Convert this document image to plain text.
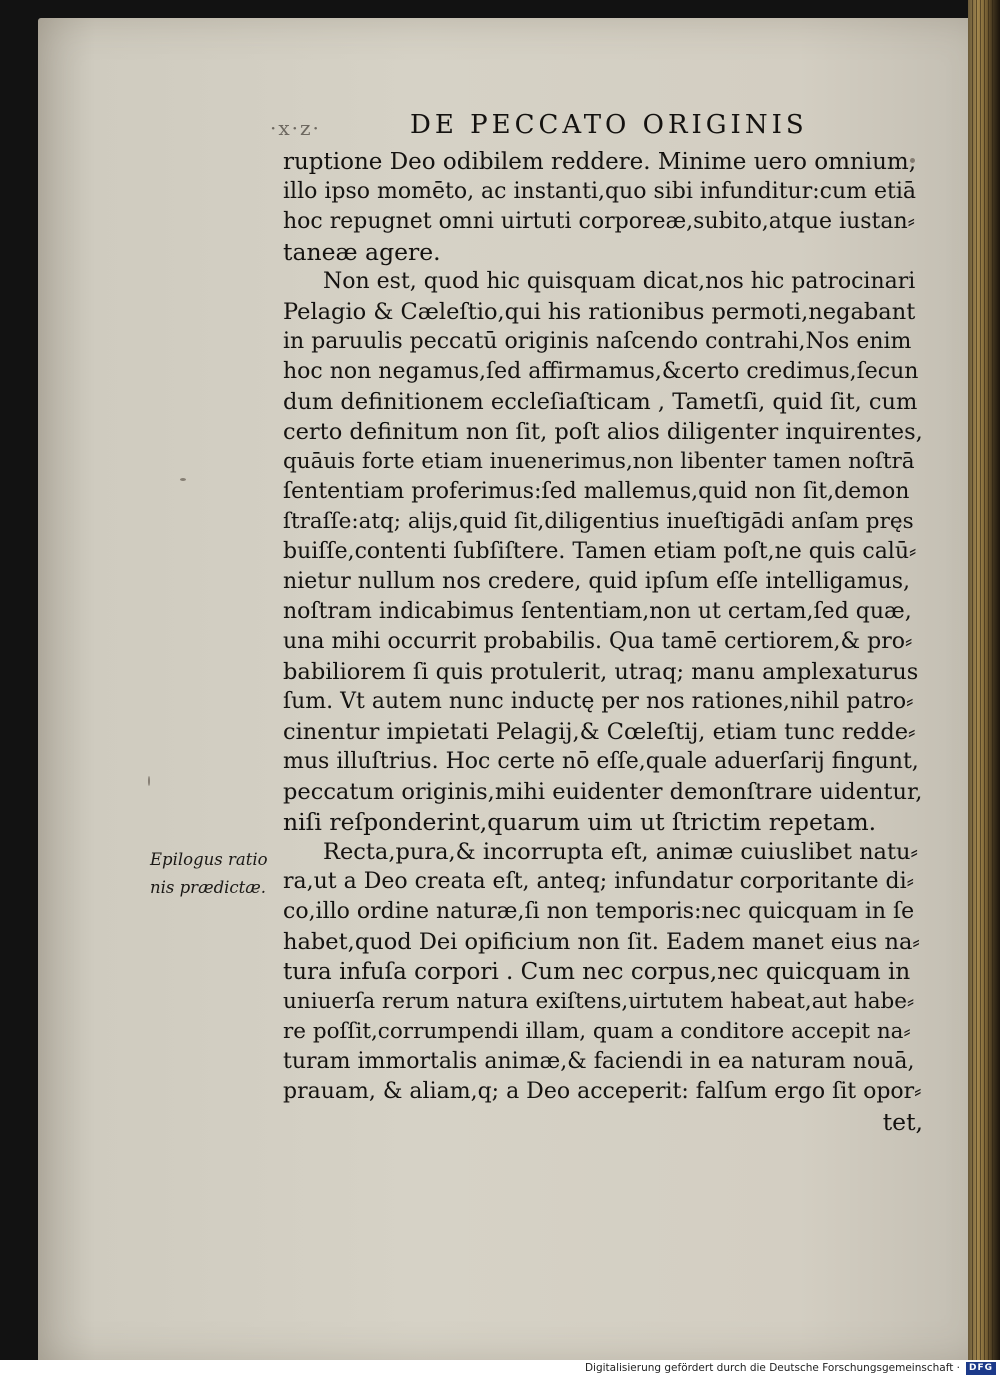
·x·z·	DE PECCATO ORIGINIS
ruptione Deo odibilem reddere. Minime uero omnium,
illo ipso momēto, ac instanti,quo sibi infunditur:cum etiā
hoc repugnet omni uirtuti corporeæ,subito,atque iustan⸗
taneæ agere.
Non est, quod hic quisquam dicat,nos hic patrocinari
Pelagio & Cæleſtio,qui his rationibus permoti,negabant
in paruulis peccatū originis naſcendo contrahi,Nos enim
hoc non negamus,ſed affirmamus,&certo credimus,ſecun
dum definitionem eccleſiaſticam , Tametſi, quid ſit, cum
certo definitum non ſit, poſt alios diligenter inquirentes,
quāuis forte etiam inuenerimus,non libenter tamen noſtrā
ſententiam proferimus:ſed mallemus,quid non ſit,demon
ſtraſſe:atq; alijs,quid ſit,diligentius inueſtigādi anſam pręs
buiſſe,contenti ſubſiſtere. Tamen etiam poſt,ne quis calū⸗
nietur nullum nos credere, quid ipſum eſſe intelligamus,
noſtram indicabimus ſententiam,non ut certam,ſed quæ,
una mihi occurrit probabilis. Qua tamē certiorem,& pro⸗
babiliorem ſi quis protulerit, utraq; manu amplexaturus
ſum. Vt autem nunc inductę per nos rationes,nihil patro⸗
cinentur impietati Pelagij,& Cœleſtij, etiam tunc redde⸗
mus illuſtrius. Hoc certe nō eſſe,quale aduerſarij fingunt,
peccatum originis,mihi euidenter demonſtrare uidentur,
niſi reſponderint,quarum uim ut ſtrictim repetam.
Recta,pura,& incorrupta eſt, animæ cuiuslibet natu⸗
ra,ut a Deo creata eſt, anteq; infundatur corporitante di⸗
co,illo ordine naturæ,ſi non temporis:nec quicquam in ſe
habet,quod Dei opificium non ſit. Eadem manet eius na⸗
tura infuſa corpori . Cum nec corpus,nec quicquam in
uniuerſa rerum natura exiſtens,uirtutem habeat,aut habe⸗
re poſſit,corrumpendi illam, quam a conditore accepit na⸗
turam immortalis animæ,& faciendi in ea naturam nouā,
prauam, & aliam,q; a Deo acceperit: falſum ergo ſit opor⸗
tet,
Epilogus ratio
nis prædictæ.
Digitalisierung gefördert durch die Deutsche Forschungsgemeinschaft · DFG
